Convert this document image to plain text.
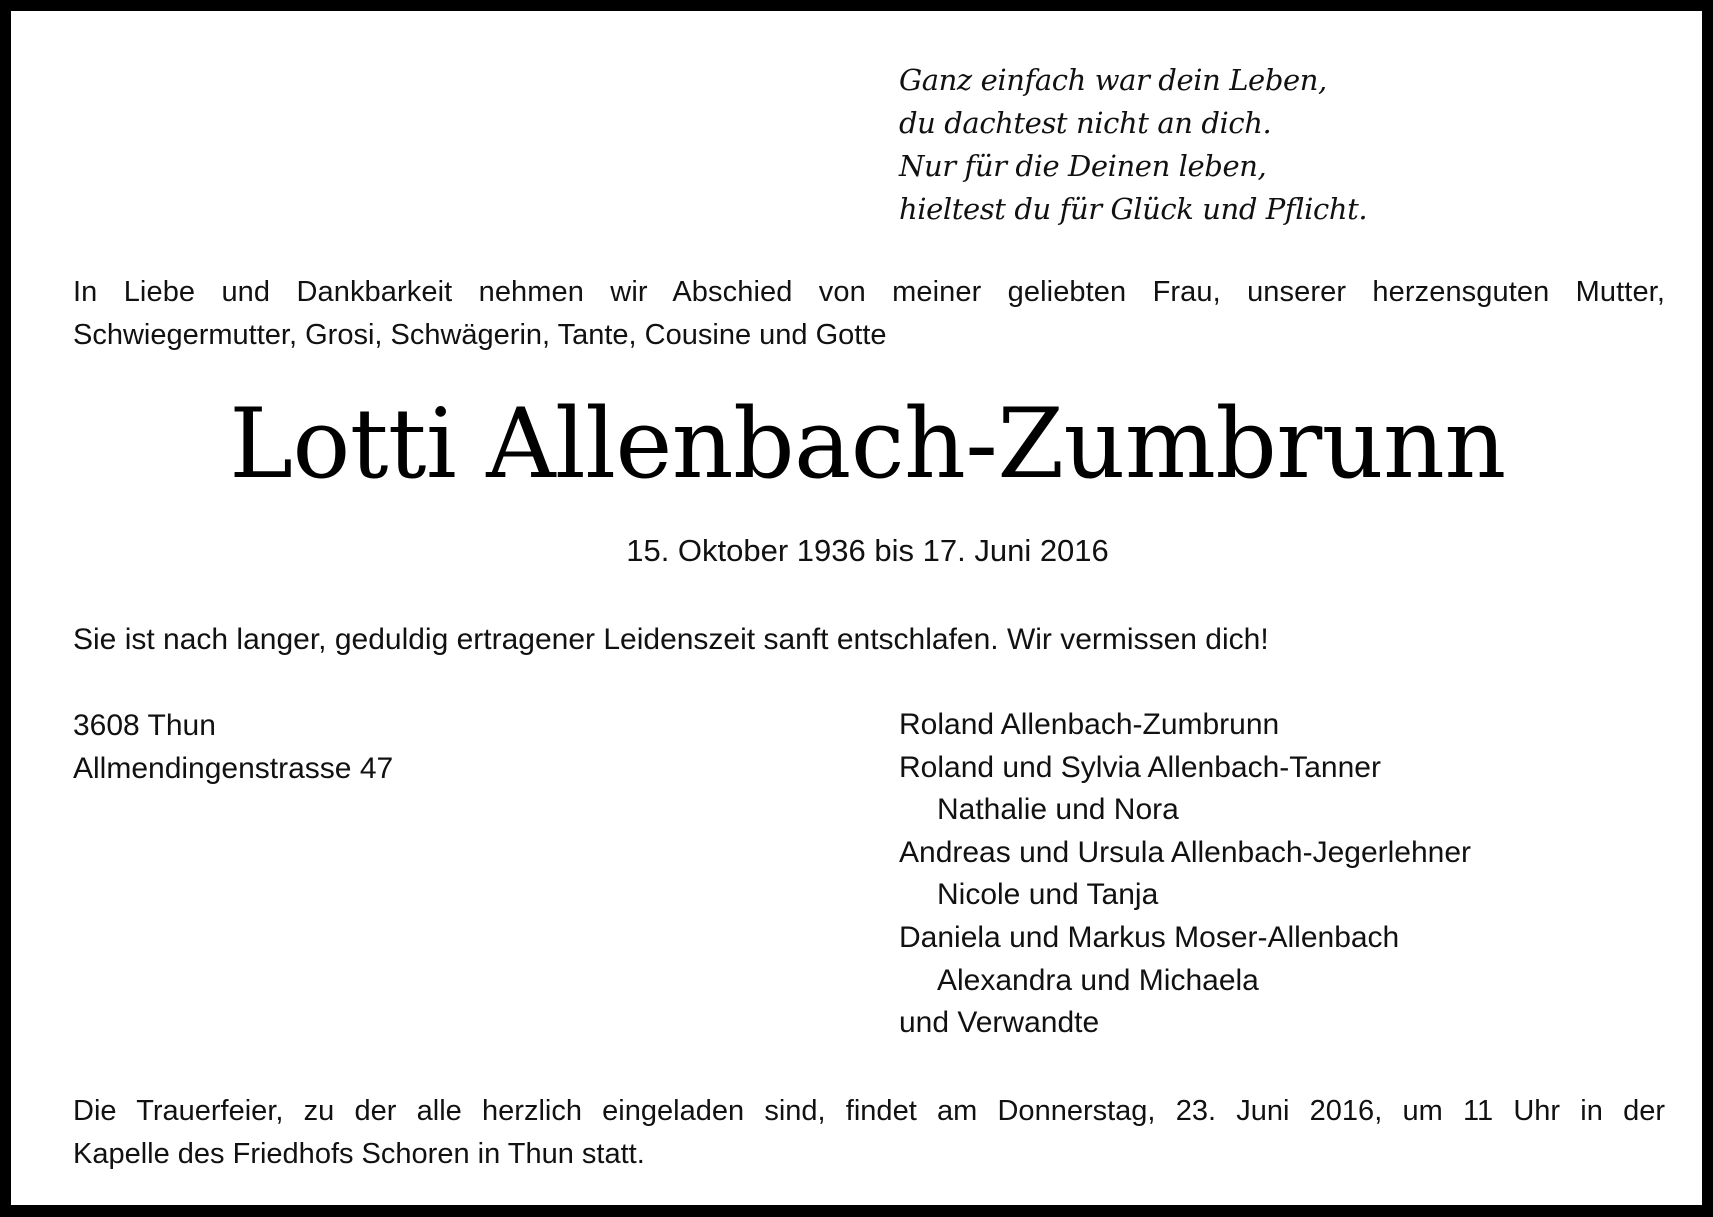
Ganz einfach war dein Leben,
du dachtest nicht an dich.
Nur für die Deinen leben,
hieltest du für Glück und Pflicht.
In Liebe und Dankbarkeit nehmen wir Abschied von meiner geliebten Frau, unserer herzensguten Mutter,
Schwiegermutter, Grosi, Schwägerin, Tante, Cousine und Gotte
Lotti Allenbach-Zumbrunn
15. Oktober 1936 bis 17. Juni 2016
Sie ist nach langer, geduldig ertragener Leidenszeit sanft entschlafen. Wir vermissen dich!
3608 Thun
Allmendingenstrasse 47
Roland Allenbach-Zumbrunn
Roland und Sylvia Allenbach-Tanner
Nathalie und Nora
Andreas und Ursula Allenbach-Jegerlehner
Nicole und Tanja
Daniela und Markus Moser-Allenbach
Alexandra und Michaela
und Verwandte
Die Trauerfeier, zu der alle herzlich eingeladen sind, findet am Donnerstag, 23. Juni 2016, um 11 Uhr in der
Kapelle des Friedhofs Schoren in Thun statt.
